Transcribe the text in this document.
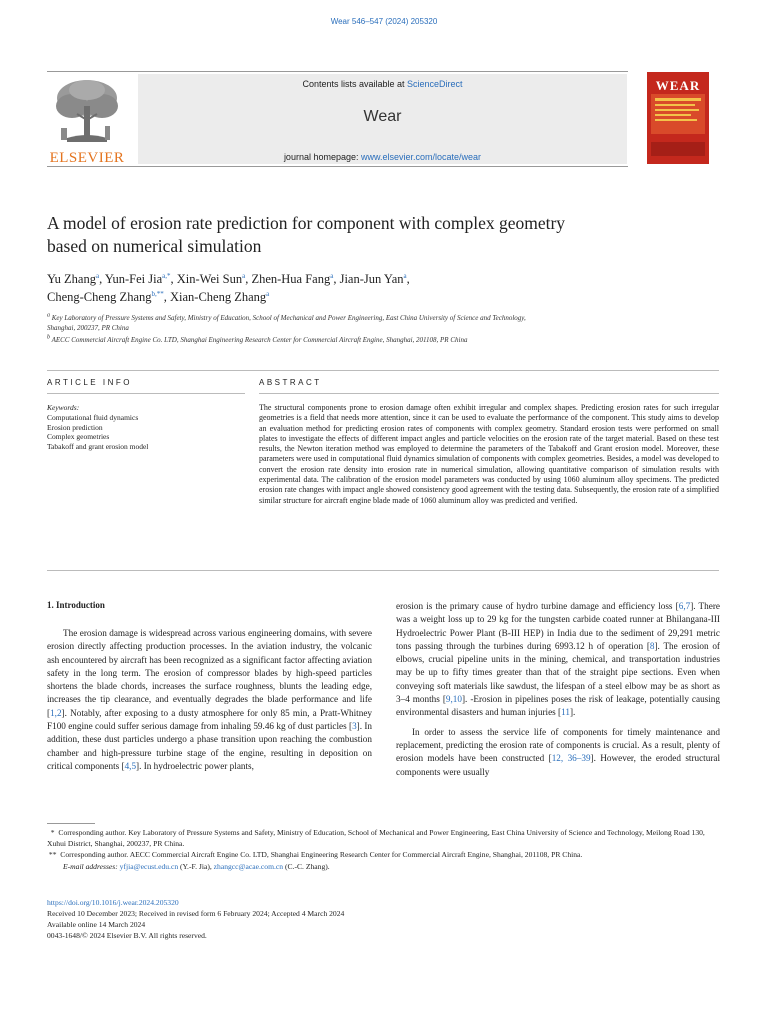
Wear 546–547 (2024) 205320
Contents lists available at ScienceDirect
Wear
journal homepage: www.elsevier.com/locate/wear
ELSEVIER
WEAR
A model of erosion rate prediction for component with complex geometry
based on numerical simulation
Yu Zhang$^a$, Yun-Fei Jia$^{a,*}$, Xin-Wei Sun$^a$, Zhen-Hua Fang$^a$, Jian-Jun Yan$^a$,
Cheng-Cheng Zhang$^{b,**}$, Xian-Cheng Zhang$^a$
a Key Laboratory of Pressure Systems and Safety, Ministry of Education, School of Mechanical and Power Engineering, East China University of Science and Technology,
Shanghai, 200237, PR China
b AECC Commercial Aircraft Engine Co. LTD, Shanghai Engineering Research Center for Commercial Aircraft Engine, Shanghai, 201108, PR China
ARTICLE INFO	ABSTRACT
Keywords:
Computational fluid dynamics
Erosion prediction
Complex geometries
Tabakoff and grant erosion model
The structural components prone to erosion damage often exhibit irregular and complex shapes. Predicting erosion rates for such irregular geometries is a field that needs more attention, since it can be used to evaluate the performance of the component. This study aims to develop an evaluation method for predicting erosion rates of components with complex geometry. Standard erosion tests were performed on small plates to investigate the effects of different impact angles and particle velocities on the erosion rate of the target material. Based on these test results, the Newton iteration method was employed to determine the parameters of the Tabakoff and Grant erosion model. Moreover, these parameters were used in computational fluid dynamics simulation of components with complex geometries. Besides, a model was developed to convert the erosion rate density into erosion rate in numerical simulation, allowing quantitative comparison of simulation results with experimental data. The calibration of the erosion model parameters was conducted by using 1060 aluminum alloy specimens. The predicted erosion rate changes with impact angle showed consistency good agreement with the testing data. Subsequently, the erosion rate of a simplified similar structure for aircraft engine blade made of 1060 aluminum alloy was predicted and verified.
1. Introduction

The erosion damage is widespread across various engineering domains, with severe erosion directly affecting production processes. In the aviation industry, the volcanic ash encountered by aircraft has been recognized as a significant factor affecting aviation safety in the long term. The erosion of compressor blades by high-speed particles shortens the blade chords, increases the surface roughness, blunts the leading edge, increases the tip clearance, and eventually degrades the blade performance and life [1,2]. Notably, after exposing to a dusty atmosphere for only 85 min, a Pratt-Whitney F100 engine could suffer serious damage from inhaling 59.46 kg of dust particles [3]. In addition, these dust particles undergo a phase transition upon reaching the combustion chamber and high-pressure turbine stage of the engine, resulting in deposition on critical components [4,5]. In hydroelectric power plants,

erosion is the primary cause of hydro turbine damage and efficiency loss [6,7]. There was a weight loss up to 29 kg for the tungsten carbide coated runner at Bhilangana-III Hydroelectric Power Plant (B-III HEP) in India due to the sediment of 29,291 metric tons passing through the turbines during 6993.12 h of operation [8]. The erosion of elbows, crucial pipeline units in the mining, chemical, and transportation industries may be up to fifty times greater than that of the straight pipe sections. Even when conveying soft materials like sawdust, the lifespan of a steel elbow may be as short as 3–4 months [9,10]. -Erosion in pipelines poses the risk of leakage, potentially causing environmental disasters and human injuries [11].

In order to assess the service life of components for timely maintenance and replacement, predicting the erosion rate of components is crucial. As a result, plenty of erosion models have been constructed [12, 36–39]. However, the eroded structural components were usually

* Corresponding author. Key Laboratory of Pressure Systems and Safety, Ministry of Education, School of Mechanical and Power Engineering, East China University of Science and Technology, Meilong Road 130, Xuhui District, Shanghai, 200237, PR China.
** Corresponding author. AECC Commercial Aircraft Engine Co. LTD, Shanghai Engineering Research Center for Commercial Aircraft Engine, Shanghai, 201108, PR China.
E-mail addresses: yfjia@ecust.edu.cn (Y.-F. Jia), zhangcc@acae.com.cn (C.-C. Zhang).
https://doi.org/10.1016/j.wear.2024.205320
Received 10 December 2023; Received in revised form 6 February 2024; Accepted 4 March 2024
Available online 14 March 2024
0043-1648/© 2024 Elsevier B.V. All rights reserved.
